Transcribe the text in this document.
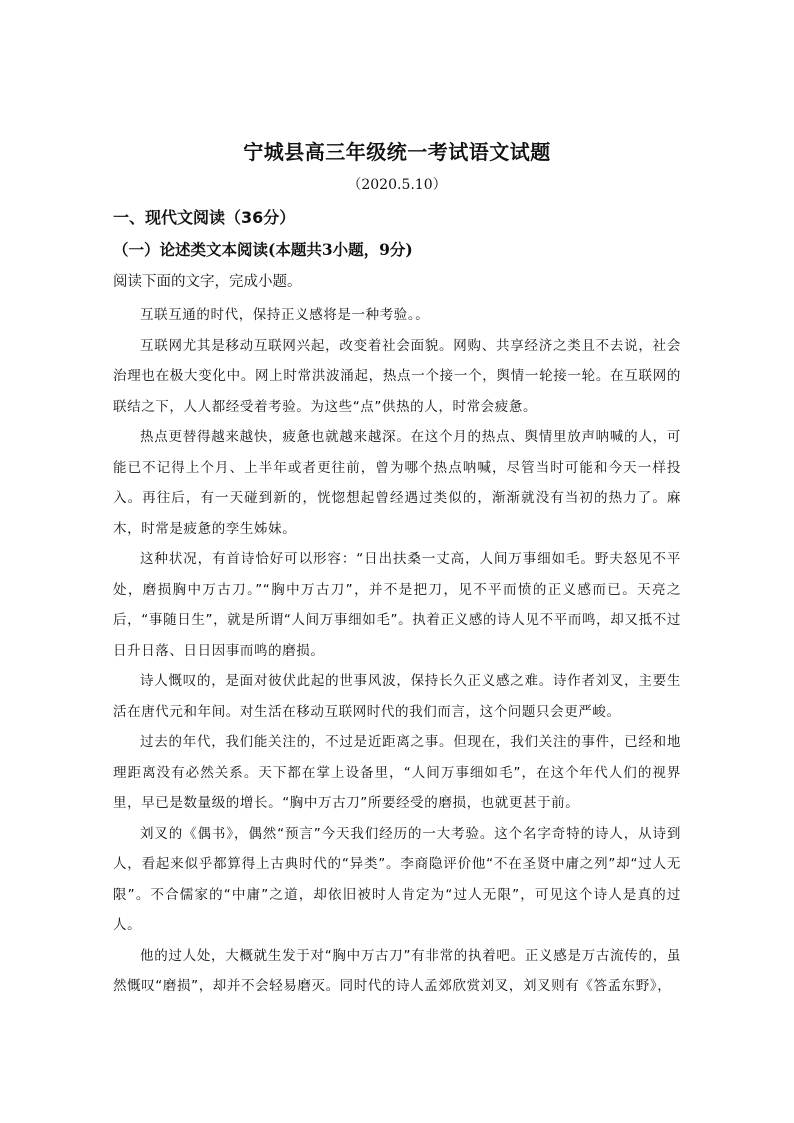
宁城县高三年级统一考试语文试题
（2020.5.10）
一、现代文阅读（36分）
（一）论述类文本阅读(本题共3小题，9分)
阅读下面的文字，完成小题。

互联互通的时代，保持正义感将是一种考验。。

互联网尤其是移动互联网兴起，改变着社会面貌。网购、共享经济之类且不去说，社会治理也在极大变化中。网上时常洪波涌起，热点一个接一个，舆情一轮接一轮。在互联网的联结之下，人人都经受着考验。为这些“点”供热的人，时常会疲惫。

热点更替得越来越快，疲惫也就越来越深。在这个月的热点、舆情里放声呐喊的人，可能已不记得上个月、上半年或者更往前，曾为哪个热点呐喊，尽管当时可能和今天一样投入。再往后，有一天碰到新的，恍惚想起曾经遇过类似的，渐渐就没有当初的热力了。麻木，时常是疲惫的孪生姊妹。

这种状况，有首诗恰好可以形容：“日出扶桑一丈高，人间万事细如毛。野夫怒见不平处，磨损胸中万古刀。”“胸中万古刀”，并不是把刀，见不平而愤的正义感而已。天亮之后，“事随日生”，就是所谓“人间万事细如毛”。执着正义感的诗人见不平而鸣，却又抵不过日升日落、日日因事而鸣的磨损。

诗人慨叹的，是面对彼伏此起的世事风波，保持长久正义感之难。诗作者刘叉，主要生活在唐代元和年间。对生活在移动互联网时代的我们而言，这个问题只会更严峻。

过去的年代，我们能关注的，不过是近距离之事。但现在，我们关注的事件，已经和地理距离没有必然关系。天下都在掌上设备里，“人间万事细如毛”，在这个年代人们的视界里，早已是数量级的增长。“胸中万古刀”所要经受的磨损，也就更甚于前。

刘叉的《偶书》，偶然“预言”今天我们经历的一大考验。这个名字奇特的诗人，从诗到人，看起来似乎都算得上古典时代的“异类”。李商隐评价他“不在圣贤中庸之列”却“过人无限”。不合儒家的“中庸”之道，却依旧被时人肯定为“过人无限”，可见这个诗人是真的过人。

他的过人处，大概就生发于对“胸中万古刀”有非常的执着吧。正义感是万古流传的，虽然慨叹“磨损”，却并不会轻易磨灭。同时代的诗人孟郊欣赏刘叉，刘叉则有《答孟东野》，
